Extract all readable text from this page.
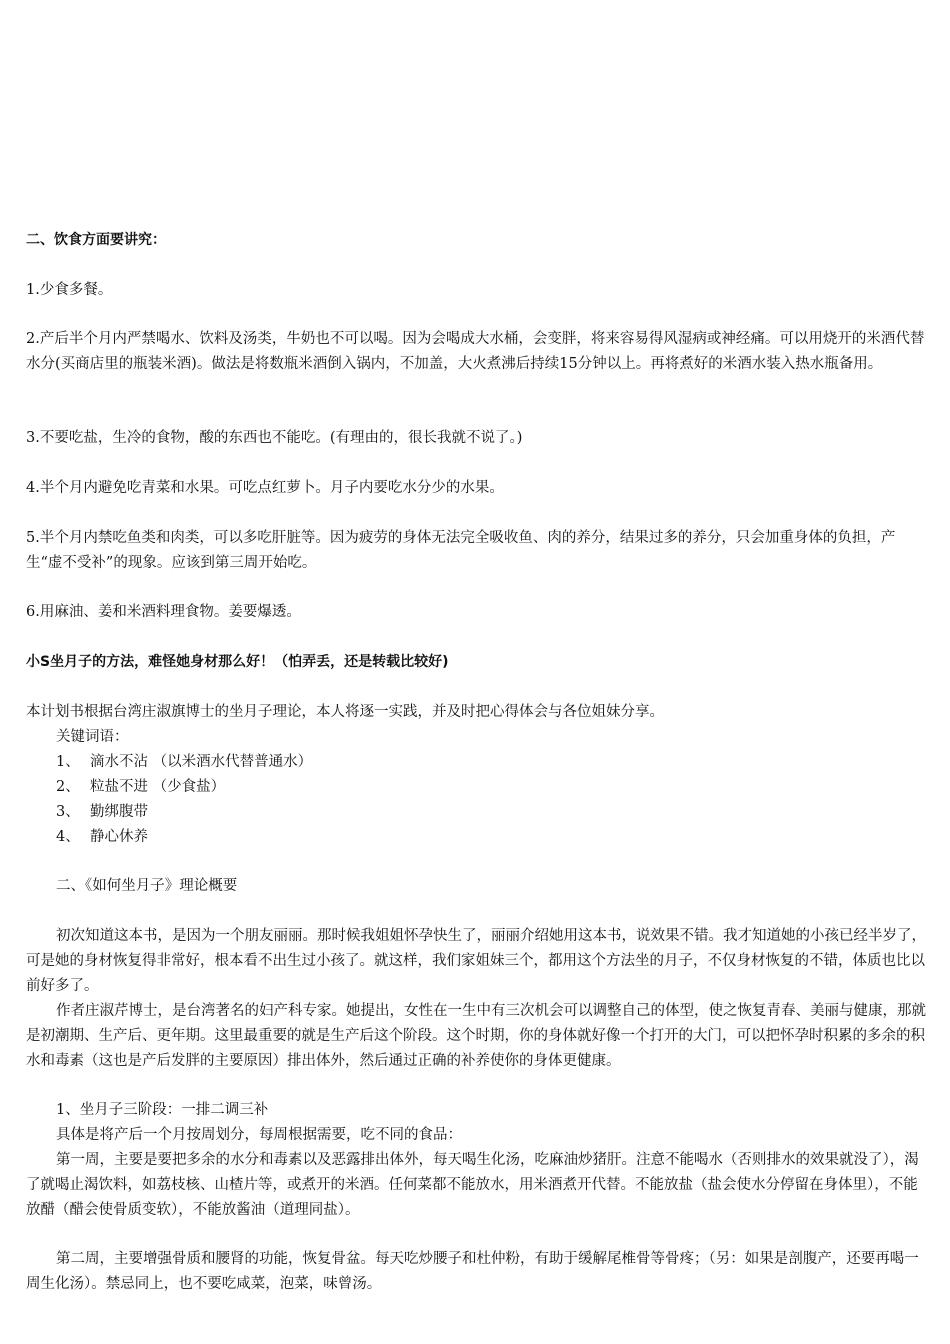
二、饮食方面要讲究：

1.少食多餐。

2.产后半个月内严禁喝水、饮料及汤类，牛奶也不可以喝。因为会喝成大水桶，会变胖，将来容易得风湿病或神经痛。可以用烧开的米酒代替水分(买商店里的瓶装米酒)。做法是将数瓶米酒倒入锅内，不加盖，大火煮沸后持续15分钟以上。再将煮好的米酒水装入热水瓶备用。

3.不要吃盐，生冷的食物，酸的东西也不能吃。(有理由的，很长我就不说了。)

4.半个月内避免吃青菜和水果。可吃点红萝卜。月子内要吃水分少的水果。

5.半个月内禁吃鱼类和肉类，可以多吃肝脏等。因为疲劳的身体无法完全吸收鱼、肉的养分，结果过多的养分，只会加重身体的负担，产生“虚不受补”的现象。应该到第三周开始吃。

6.用麻油、姜和米酒料理食物。姜要爆透。

小S坐月子的方法，难怪她身材那么好！（怕弄丢，还是转载比较好)

本计划书根据台湾庄淑旗博士的坐月子理论，本人将逐一实践，并及时把心得体会与各位姐妹分享。

关键词语：

1、 滴水不沾 （以米酒水代替普通水）
2、 粒盐不进 （少食盐）
3、 勤绑腹带
4、 静心休养

二、《如何坐月子》理论概要

初次知道这本书，是因为一个朋友丽丽。那时候我姐姐怀孕快生了，丽丽介绍她用这本书，说效果不错。我才知道她的小孩已经半岁了，可是她的身材恢复得非常好，根本看不出生过小孩了。就这样，我们家姐妹三个，都用这个方法坐的月子，不仅身材恢复的不错，体质也比以前好多了。

作者庄淑芹博士，是台湾著名的妇产科专家。她提出，女性在一生中有三次机会可以调整自己的体型，使之恢复青春、美丽与健康，那就是初潮期、生产后、更年期。这里最重要的就是生产后这个阶段。这个时期，你的身体就好像一个打开的大门，可以把怀孕时积累的多余的积水和毒素（这也是产后发胖的主要原因）排出体外，然后通过正确的补养使你的身体更健康。

1、坐月子三阶段：一排二调三补

具体是将产后一个月按周划分，每周根据需要，吃不同的食品：

第一周，主要是要把多余的水分和毒素以及恶露排出体外，每天喝生化汤，吃麻油炒猪肝。注意不能喝水（否则排水的效果就没了），渴了就喝止渴饮料，如荔枝核、山楂片等，或煮开的米酒。任何菜都不能放水，用米酒煮开代替。不能放盐（盐会使水分停留在身体里），不能放醋（醋会使骨质变软），不能放酱油（道理同盐）。

第二周，主要增强骨质和腰肾的功能，恢复骨盆。每天吃炒腰子和杜仲粉，有助于缓解尾椎骨等骨疼；（另：如果是剖腹产，还要再喝一周生化汤）。禁忌同上，也不要吃咸菜，泡菜，味曾汤。
